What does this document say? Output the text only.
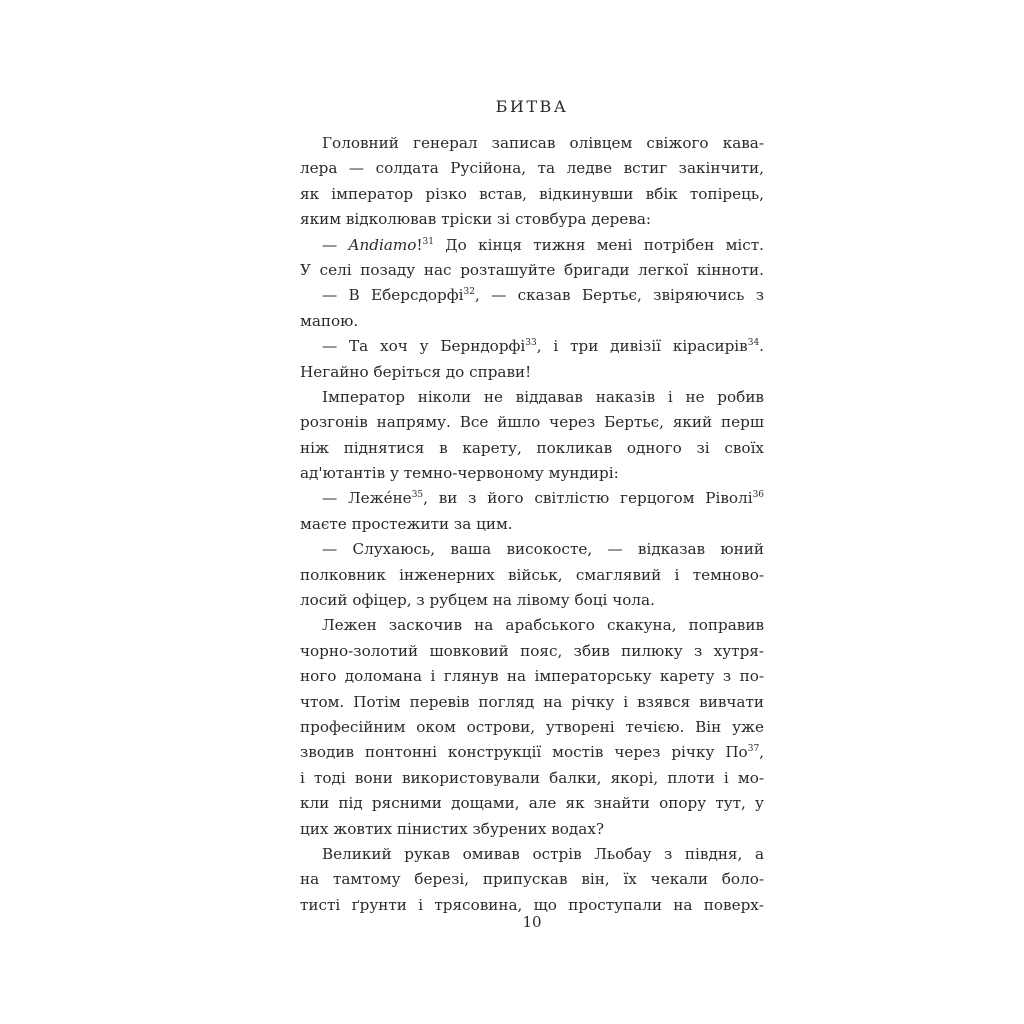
БИТВА
Головний генерал записав олівцем свіжого кава-
лера — солдата Русійона, та ледве встиг закінчити,
як імператор різко встав, відкинувши вбік топірець,
яким відколював тріски зі стовбура дерева:
— Andiamo!$^{31}$ До кінця тижня мені потрібен міст.
У селі позаду нас розташуйте бригади легкої кінноти.
— В Еберсдорфі$^{32}$, — сказав Бертьє, звіряючись з
мапою.
— Та хоч у Берндорфі$^{33}$, і три дивізії кірасирів$^{34}$.
Негайно беріться до справи!
Імператор ніколи не віддавав наказів і не робив
розгонів напряму. Все йшло через Бертьє, який перш
ніж піднятися в карету, покликав одного зі своїх
ад'ютантів у темно-червоному мундирі:
— $Леже́не^{35}$, ви з його світлістю герцогом Ріволі$^{36}$
маєте простежити за цим.
— Слухаюсь, ваша високосте, — відказав юний
полковник інженерних військ, смаглявий і темново-
лосий офіцер, з рубцем на лівому боці чола.
Лежен заскочив на арабського скакуна, поправив
чорно-золотий шовковий пояс, збив пилюку з хутря-
ного доломана і глянув на імператорську карету з по-
чтом. Потім перевів погляд на річку і взявся вивчати
професійним оком острови, утворені течією. Він уже
зводив понтонні конструкції мостів через річку $По^{37}$,
і тоді вони використовували балки, якорі, плоти і мо-
кли під рясними дощами, але як знайти опору тут, у
цих жовтих пінистих збурених водах?
Великий рукав омивав острів Льобау з півдня, а
на тамтому березі, припускав він, їх чекали боло-
тисті ґрунти і трясовина, що проступали на поверх-
10
